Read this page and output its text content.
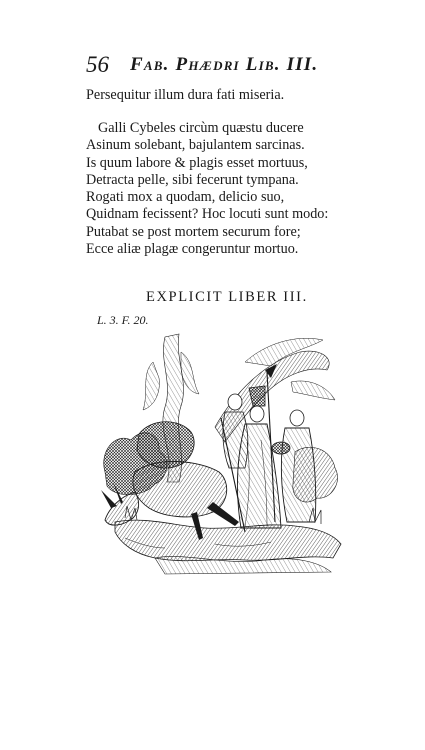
56 Fab. Phædri Lib. III.
Persequitur illum dura fati miseria.
Galli Cybeles circùm quæstu ducere
Asinum solebant, bajulantem sarcinas.
Is quum labore & plagis esset mortuus,
Detracta pelle, sibi fecerunt tympana.
Rogati mox a quodam, delicio suo,
Quidnam fecissent? Hoc locuti sunt modo:
Putabat se post mortem securum fore;
Ecce aliæ plagæ congeruntur mortuo.
EXPLICIT LIBER III.
L. 3. F. 20.
